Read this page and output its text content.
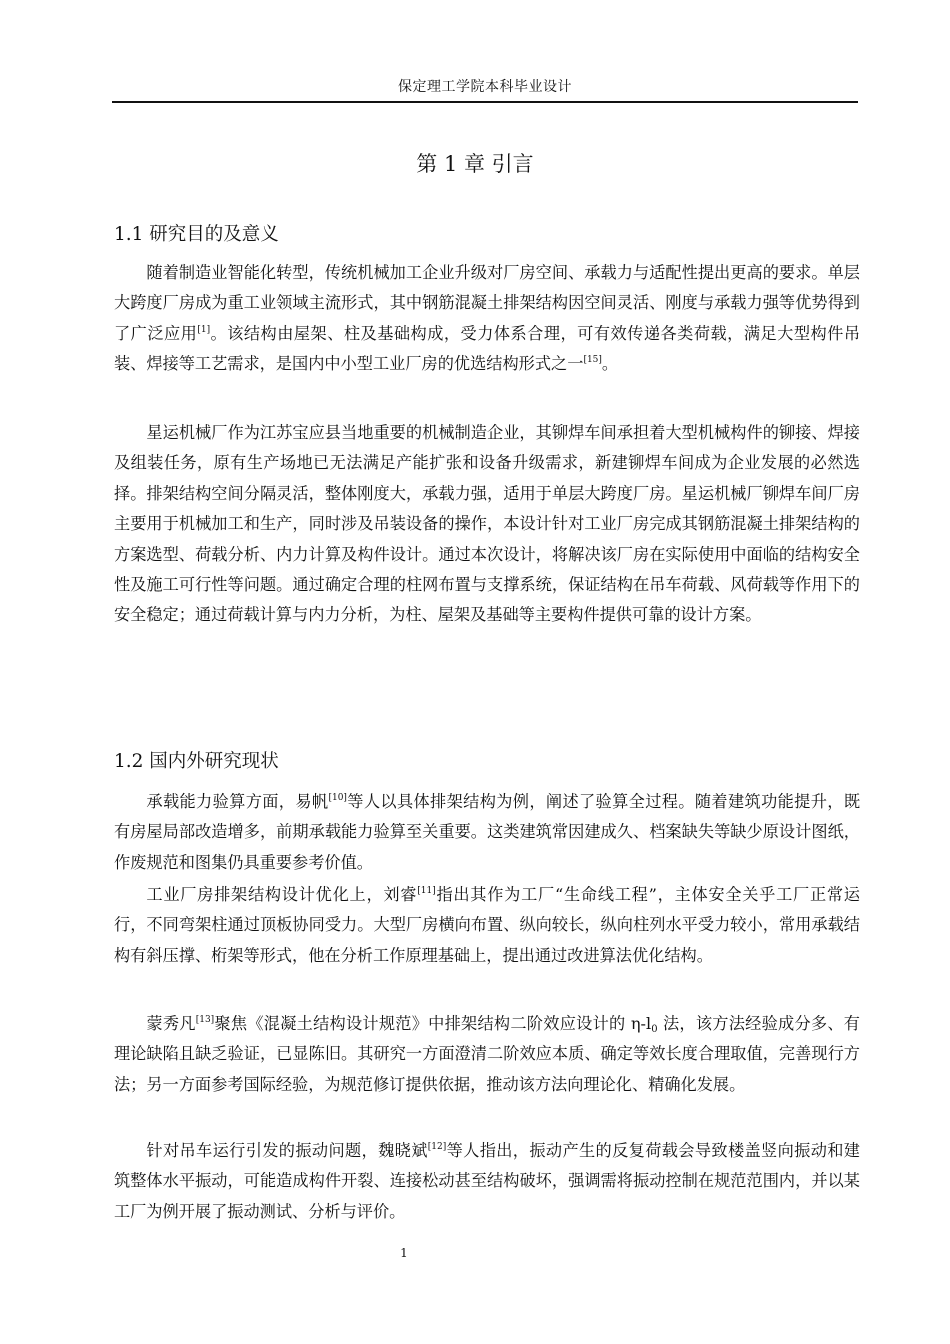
保定理工学院本科毕业设计
第 1 章 引言
1.1 研究目的及意义

随着制造业智能化转型，传统机械加工企业升级对厂房空间、承载力与适配性提出更高的要求。单层大跨度厂房成为重工业领域主流形式，其中钢筋混凝土排架结构因空间灵活、刚度与承载力强等优势得到了广泛应用[1]。该结构由屋架、柱及基础构成，受力体系合理，可有效传递各类荷载，满足大型构件吊装、焊接等工艺需求，是国内中小型工业厂房的优选结构形式之一[15]。

星运机械厂作为江苏宝应县当地重要的机械制造企业，其铆焊车间承担着大型机械构件的铆接、焊接及组装任务，原有生产场地已无法满足产能扩张和设备升级需求，新建铆焊车间成为企业发展的必然选择。排架结构空间分隔灵活，整体刚度大，承载力强，适用于单层大跨度厂房。星运机械厂铆焊车间厂房主要用于机械加工和生产，同时涉及吊装设备的操作，本设计针对工业厂房完成其钢筋混凝土排架结构的方案选型、荷载分析、内力计算及构件设计。通过本次设计，将解决该厂房在实际使用中面临的结构安全性及施工可行性等问题。通过确定合理的柱网布置与支撑系统，保证结构在吊车荷载、风荷载等作用下的安全稳定；通过荷载计算与内力分析，为柱、屋架及基础等主要构件提供可靠的设计方案。

1.2 国内外研究现状

承载能力验算方面，易帆[10]等人以具体排架结构为例，阐述了验算全过程。随着建筑功能提升，既有房屋局部改造增多，前期承载能力验算至关重要。这类建筑常因建成久、档案缺失等缺少原设计图纸，作废规范和图集仍具重要参考价值。

工业厂房排架结构设计优化上，刘睿[11]指出其作为工厂“生命线工程”，主体安全关乎工厂正常运行，不同弯架柱通过顶板协同受力。大型厂房横向布置、纵向较长，纵向柱列水平受力较小，常用承载结构有斜压撑、桁架等形式，他在分析工作原理基础上，提出通过改进算法优化结构。

蒙秀凡[13]聚焦《混凝土结构设计规范》中排架结构二阶效应设计的 $\eta-l_0$ 法，该方法经验成分多、有理论缺陷且缺乏验证，已显陈旧。其研究一方面澄清二阶效应本质、确定等效长度合理取值，完善现行方法；另一方面参考国际经验，为规范修订提供依据，推动该方法向理论化、精确化发展。

针对吊车运行引发的振动问题，魏晓斌[12]等人指出，振动产生的反复荷载会导致楼盖竖向振动和建筑整体水平振动，可能造成构件开裂、连接松动甚至结构破坏，强调需将振动控制在规范范围内，并以某工厂为例开展了振动测试、分析与评价。

1
